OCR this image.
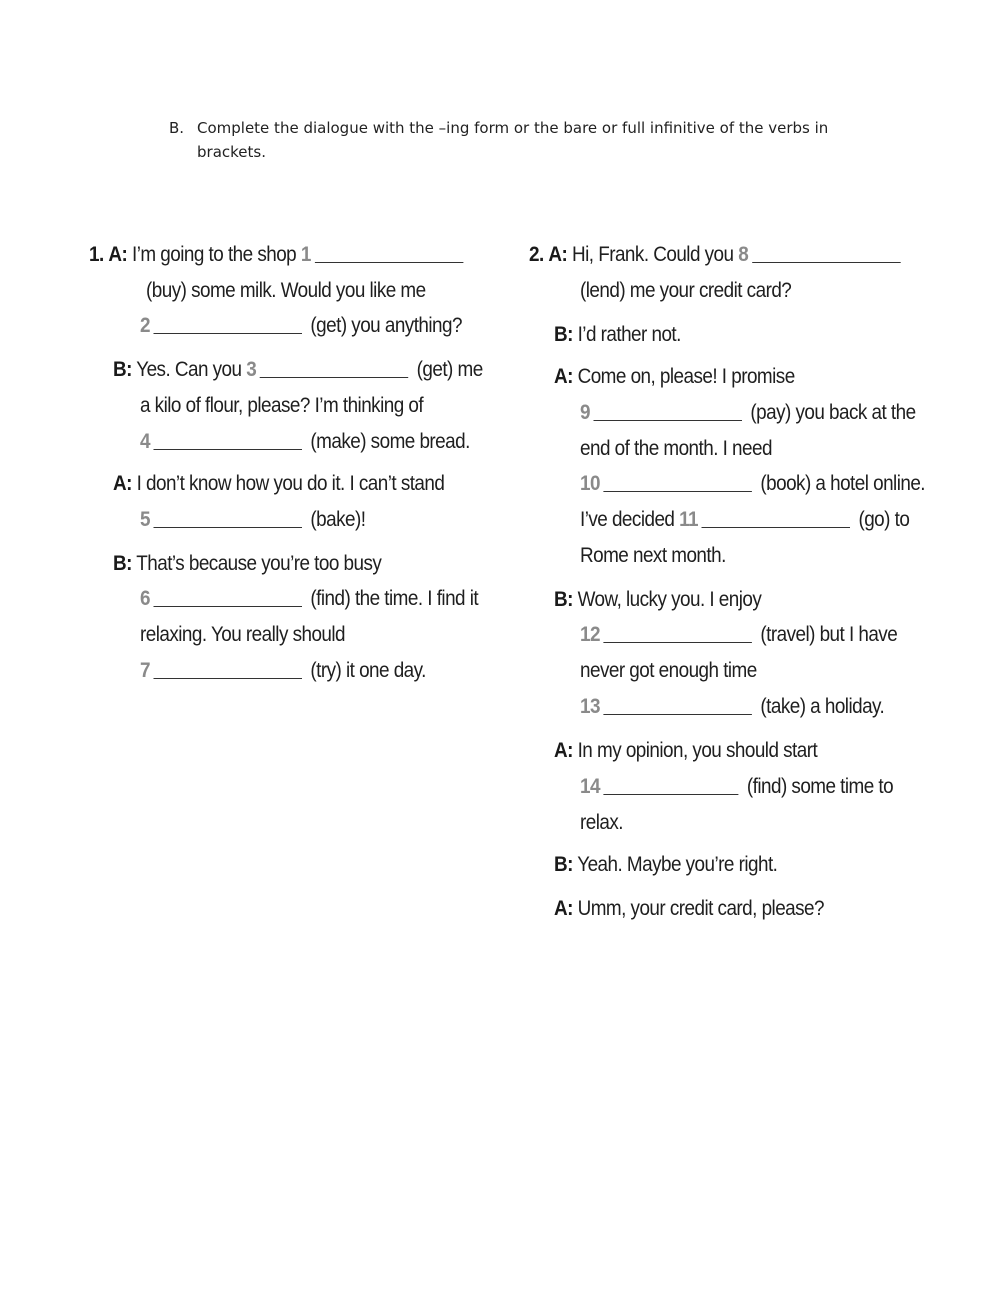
B. Complete the dialogue with the –ing form or the bare or full infinitive of the verbs in brackets.
1. A: I’m going to the shop 1
(buy) some milk. Would you like me
2	(get) you anything?
B: Yes. Can you 3	(get) me
a kilo of flour, please? I’m thinking of
4	(make) some bread.
A: I don’t know how you do it. I can’t stand
5	(bake)!
B: That’s because you’re too busy
6	(find) the time. I find it
relaxing. You really should
7	(try) it one day.
2. A: Hi, Frank. Could you 8
(lend) me your credit card?
B: I’d rather not.
A: Come on, please! I promise
9	(pay) you back at the
end of the month. I need
10	(book) a hotel online.
I’ve decided 11	(go) to
Rome next month.
B: Wow, lucky you. I enjoy
12	(travel) but I have
never got enough time
13	(take) a holiday.
A: In my opinion, you should start
14	(find) some time to
relax.
B: Yeah. Maybe you’re right.
A: Umm, your credit card, please?
